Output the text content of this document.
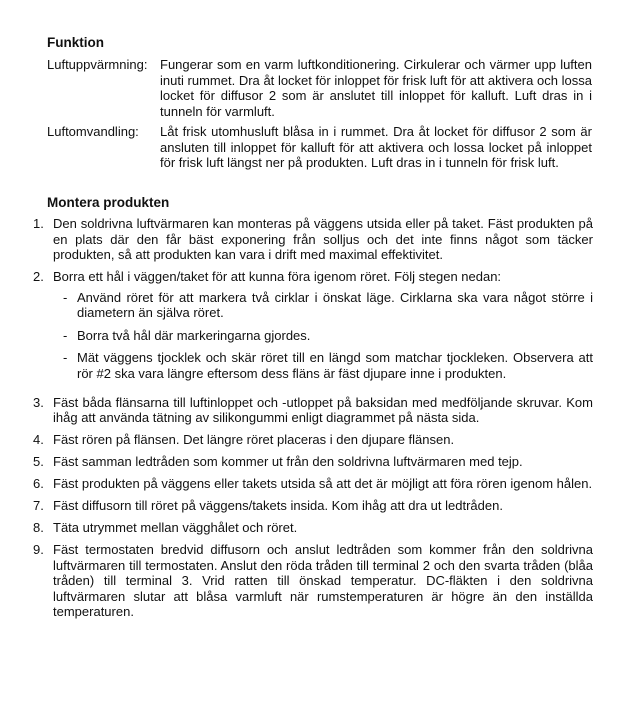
Funktion
Luftuppvärmning: Fungerar som en varm luftkonditionering. Cirkulerar och värmer upp luften inuti rummet. Dra åt locket för inloppet för frisk luft för att aktivera och lossa locket för diffusor 2 som är anslutet till inloppet för kalluft. Luft dras in i tunneln för varmluft.
Luftomvandling:	Låt frisk utomhusluft blåsa in i rummet. Dra åt locket för diffusor 2 som är ansluten till inloppet för kalluft för att aktivera och lossa locket på inloppet för frisk luft längst ner på produkten. Luft dras in i tunneln för frisk luft.
Montera produkten
1. Den soldrivna luftvärmaren kan monteras på väggens utsida eller på taket. Fäst produkten på en plats där den får bäst exponering från solljus och det inte finns något som täcker produkten, så att produkten kan vara i drift med maximal effektivitet.
2. Borra ett hål i väggen/taket för att kunna föra igenom röret. Följ stegen nedan:
- Använd röret för att markera två cirklar i önskat läge. Cirklarna ska vara något större i diametern än själva röret.
- Borra två hål där markeringarna gjordes.
- Mät väggens tjocklek och skär röret till en längd som matchar tjockleken. Observera att rör #2 ska vara längre eftersom dess fläns är fäst djupare inne i produkten.
3. Fäst båda flänsarna till luftinloppet och -utloppet på baksidan med medföljande skruvar. Kom ihåg att använda tätning av silikongummi enligt diagrammet på nästa sida.
4. Fäst rören på flänsen. Det längre röret placeras i den djupare flänsen.
5. Fäst samman ledtråden som kommer ut från den soldrivna luftvärmaren med tejp.
6. Fäst produkten på väggens eller takets utsida så att det är möjligt att föra rören igenom hålen.
7. Fäst diffusorn till röret på väggens/takets insida. Kom ihåg att dra ut ledtråden.
8. Täta utrymmet mellan vägghålet och röret.
9. Fäst termostaten bredvid diffusorn och anslut ledtråden som kommer från den soldrivna luftvärmaren till termostaten. Anslut den röda tråden till terminal 2 och den svarta tråden (blåa tråden) till terminal 3. Vrid ratten till önskad temperatur. DC-fläkten i den soldrivna luftvärmaren slutar att blåsa varmluft när rumstemperaturen är högre än den inställda temperaturen.
